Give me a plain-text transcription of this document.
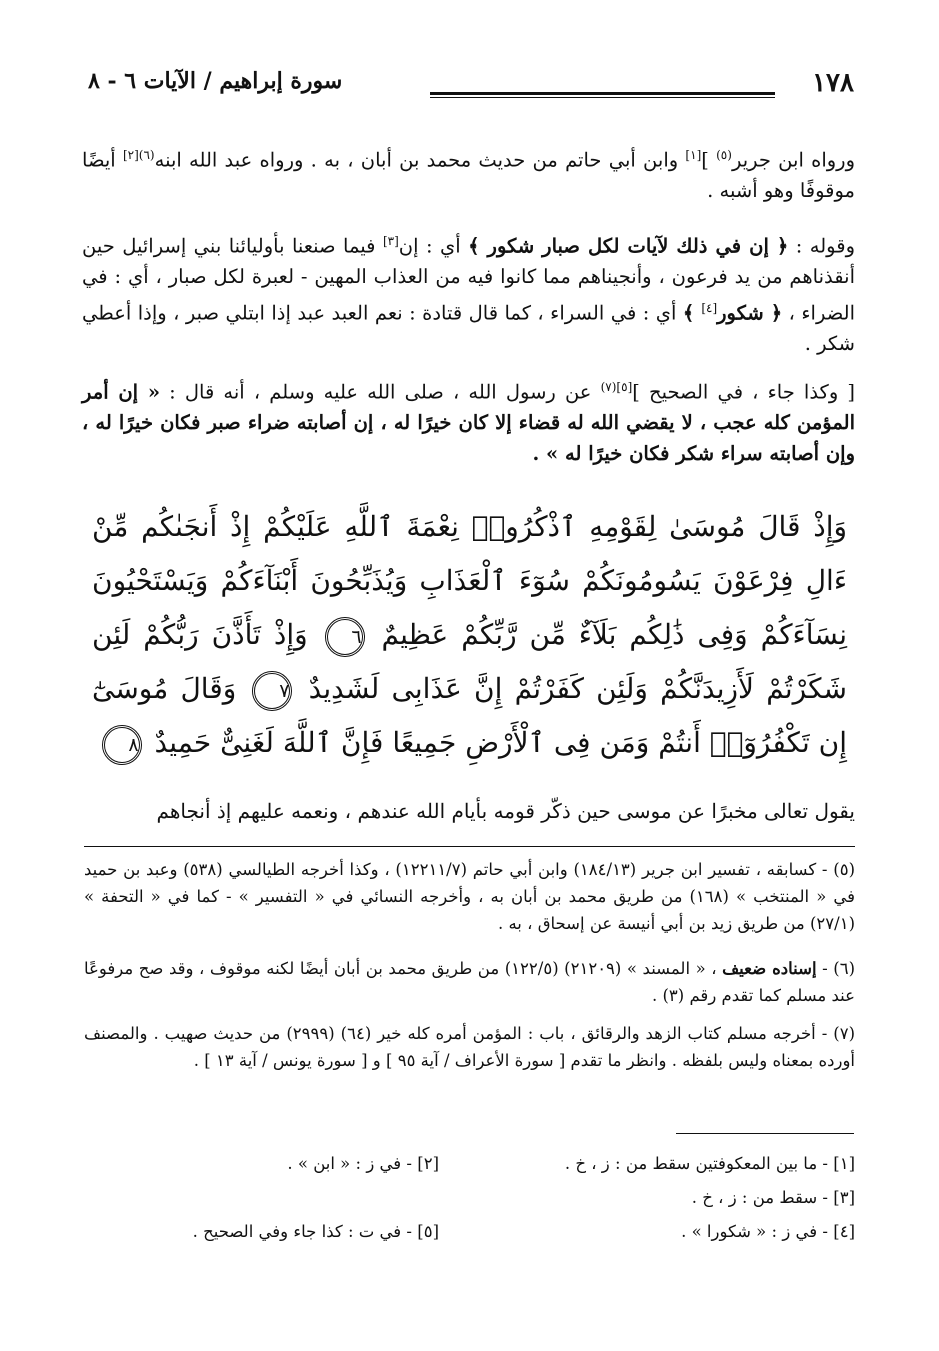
١٧٨
سورة إبراهيم / الآيات ٦ - ٨
ورواه ابن جرير$^{(٥)}$ ][١] وابن أبي حاتم من حديث محمد بن أبان ، به . ورواه عبد الله ابنه$^{(٦)[٢]}$ أيضًا موقوفًا وهو أشبه .
وقوله : ﴿ إن في ذلك لآيات لكل صبار شكور ﴾ أي : إن[٣] فيما صنعنا بأوليائنا بني إسرائيل حين أنقذناهم من يد فرعون ، وأنجيناهم مما كانوا فيه من العذاب المهين - لعبرة لكل صبار ، أي : في الضراء ، ﴿ شكور[٤] ﴾ أي : في السراء ، كما قال قتادة : نعم العبد عبد إذا ابتلي صبر ، وإذا أعطي شكر .
[ وكذا جاء ، في الصحيح ]$^{[٥](٧)}$ عن رسول الله ، صلى الله عليه وسلم ، أنه قال : « إن أمر المؤمن كله عجب ، لا يقضي الله له قضاء إلا كان خيرًا له ، إن أصابته ضراء صبر فكان خيرًا له ، وإن أصابته سراء شكر فكان خيرًا له » .
وَإِذْ قَالَ مُوسَىٰ لِقَوْمِهِ ٱذْكُرُوا۟ نِعْمَةَ ٱللَّهِ عَلَيْكُمْ إِذْ أَنجَىٰكُم مِّنْ ءَالِ فِرْعَوْنَ يَسُومُونَكُمْ سُوٓءَ ٱلْعَذَابِ وَيُذَبِّحُونَ أَبْنَآءَكُمْ وَيَسْتَحْيُونَ نِسَآءَكُمْ وَفِى ذَٰلِكُم بَلَآءٌ مِّن رَّبِّكُمْ عَظِيمٌ ٦ وَإِذْ تَأَذَّنَ رَبُّكُمْ لَئِن شَكَرْتُمْ لَأَزِيدَنَّكُمْ وَلَئِن كَفَرْتُمْ إِنَّ عَذَابِى لَشَدِيدٌ ٧ وَقَالَ مُوسَىٰٓ إِن تَكْفُرُوٓا۟ أَنتُمْ وَمَن فِى ٱلْأَرْضِ جَمِيعًا فَإِنَّ ٱللَّهَ لَغَنِىٌّ حَمِيدٌ ٨
يقول تعالى مخبرًا عن موسى حين ذكّر قومه بأيام الله عندهم ، ونعمه عليهم إذ أنجاهم
(٥) - كسابقه ، تفسير ابن جرير (١٨٤/١٣) وابن أبي حاتم (١٢٢١١/٧) ، وكذا أخرجه الطيالسي (٥٣٨) وعبد بن حميد في « المنتخب » (١٦٨) من طريق محمد بن أبان به ، وأخرجه النسائي في « التفسير » - كما في « التحفة » (٢٧/١) من طريق زيد بن أبي أنيسة عن إسحاق ، به .
(٦) - إسناده ضعيف ، « المسند » (٢١٢٠٩) (١٢٢/٥) من طريق محمد بن أبان أيضًا لكنه موقوف ، وقد صح مرفوعًا عند مسلم كما تقدم رقم (٣) .
(٧) - أخرجه مسلم كتاب الزهد والرقائق ، باب : المؤمن أمره كله خير (٦٤) (٢٩٩٩) من حديث صهيب . والمصنف أورده بمعناه وليس بلفظه . وانظر ما تقدم [ سورة الأعراف / آية ٩٥ ] و [ سورة يونس / آية ١٣ ] .
[١] - ما بين المعكوفتين سقط من : ز ، خ .
[٢] - في ز : « ابن » .
[٣] - سقط من : ز ، خ .
[٤] - في ز : « شكورا » .
[٥] - في ت : كذا جاء وفي الصحيح .
